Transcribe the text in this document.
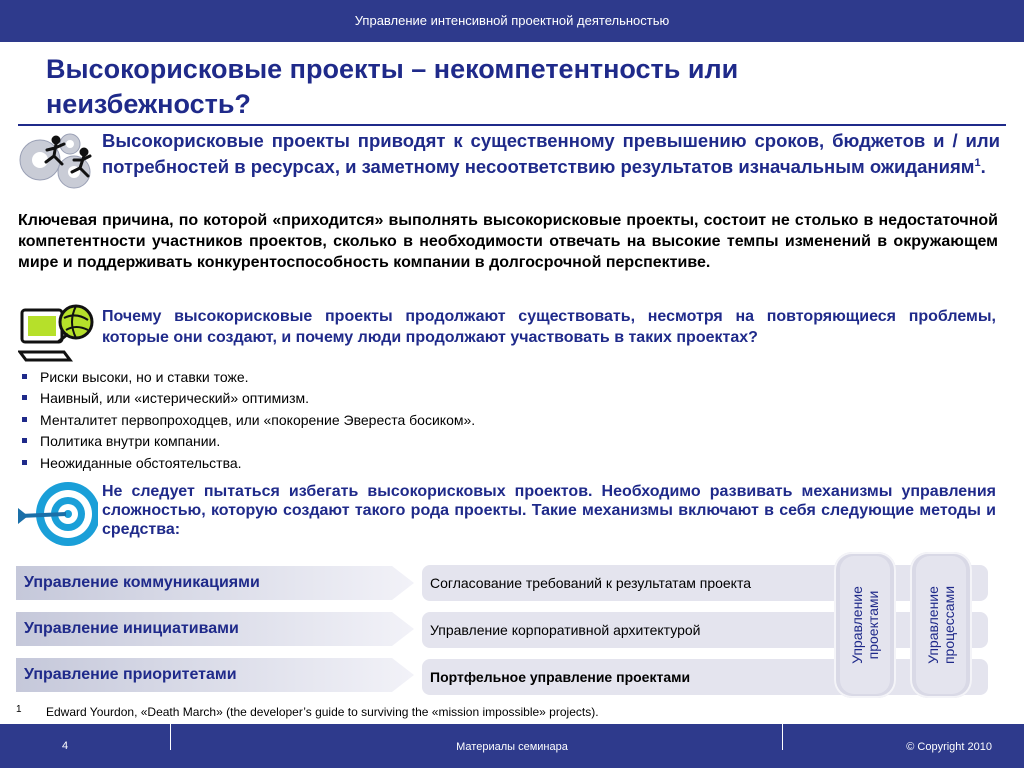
Управление интенсивной проектной деятельностью
Высокорисковые проекты – некомпетентность или
неизбежность?
Высокорисковые проекты приводят к существенному превышению сроков, бюджетов и / или потребностей в ресурсах, и заметному несоответствию результатов изначальным ожиданиям$^1$.
Ключевая причина, по которой «приходится» выполнять высокорисковые проекты, состоит не столько в недостаточной компетентности участников проектов, сколько в необходимости отвечать на высокие темпы изменений в окружающем мире и поддерживать конкурентоспособность компании в долгосрочной перспективе.
Почему высокорисковые проекты продолжают существовать, несмотря на повторяющиеся проблемы, которые они создают, и почему люди продолжают участвовать в таких проектах?
Риски высоки, но и ставки тоже.
Наивный, или «истерический» оптимизм.
Менталитет первопроходцев, или «покорение Эвереста босиком».
Политика внутри компании.
Неожиданные обстоятельства.
Не следует пытаться избегать высокорисковых проектов. Необходимо развивать механизмы управления сложностью, которую создают такого рода проекты. Такие механизмы включают в себя следующие методы и средства:
Управление коммуникациями
Управление инициативами
Управление приоритетами
Согласование требований к результатам проекта
Управление корпоративной архитектурой
Портфельное управление проектами
Управление проектами	Управление процессами
1 Edward Yourdon, «Death March» (the developer’s guide to surviving the «mission impossible» projects).
4	Материалы семинара	© Copyright 2010
